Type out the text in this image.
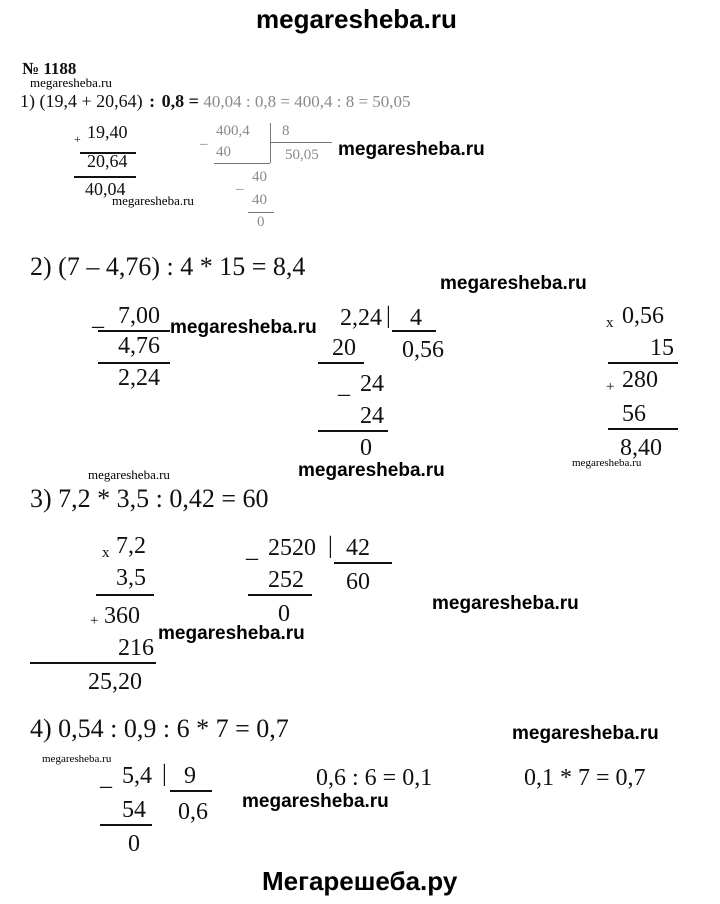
megaresheba.ru
№ 1188
megaresheba.ru
1) (19,4 + 20,64) : 0,8 = 40,04 : 0,8 = 400,4 : 8 = 50,05
+ 19,40
20,64
40,04
megaresheba.ru
–
400,4 8
40	50,05
–
40
40
0
megaresheba.ru
2) (7 – 4,76) : 4 * 15 = 8,4
megaresheba.ru
_ 7,00
4,76
2,24
megaresheba.ru 2,24 | 4
20 0,56
_ 24
24
0
x 0,56
15
+ 280
56
8,40
megaresheba.ru
megaresheba.ru	megaresheba.ru
3) 7,2 * 3,5 : 0,42 = 60
x 7,2
3,5
+ 360
216
25,20
megaresheba.ru
_ 2520 | 42
252 60
0	megaresheba.ru
4) 0,54 : 0,9 : 6 * 7 = 0,7	megaresheba.ru
megaresheba.ru
_ 5,4 | 9
54 0,6
0
megaresheba.ru
0,6 : 6 = 0,1	0,1 * 7 = 0,7
Мегарешеба.ру
